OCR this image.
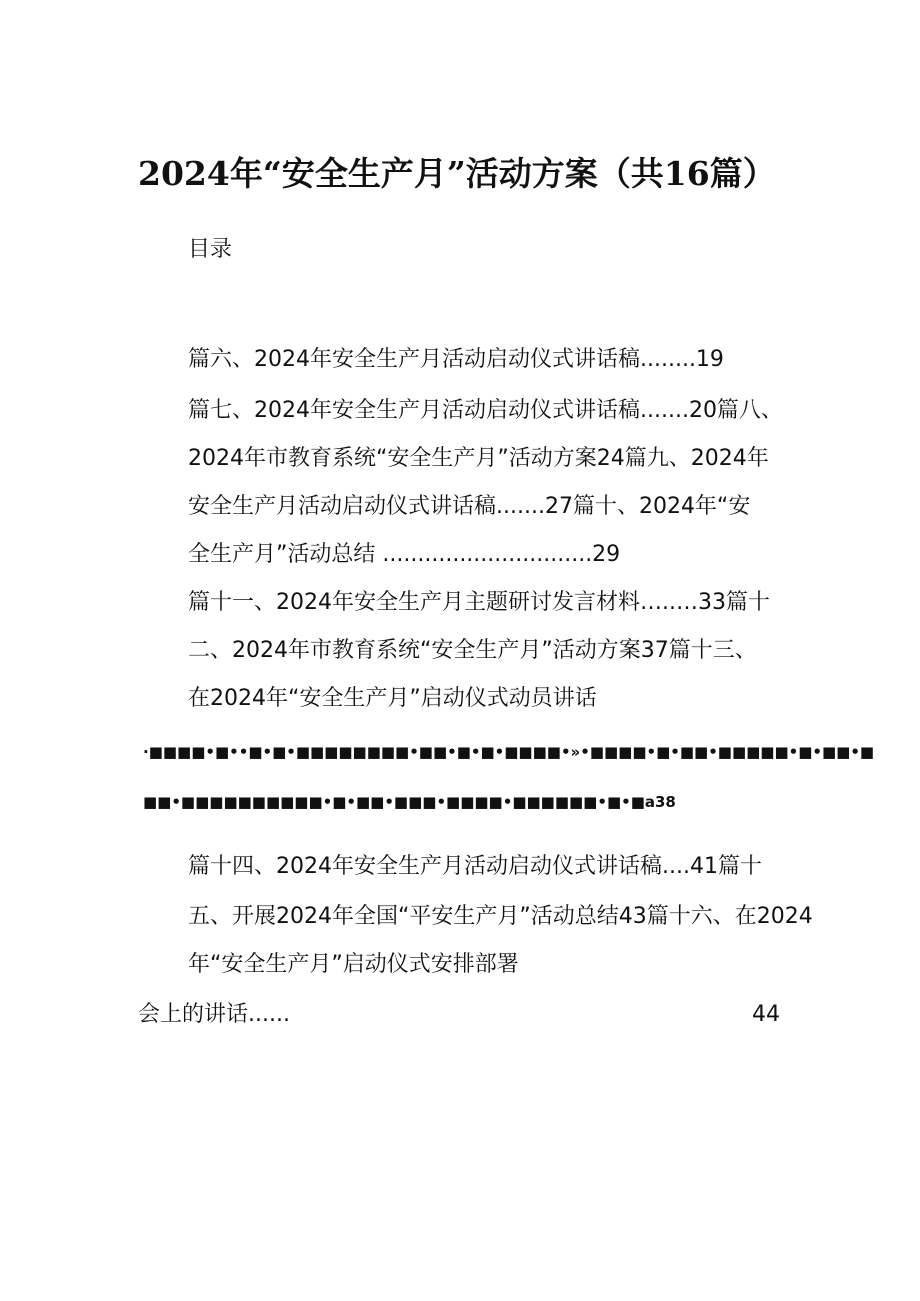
2024年“安全生产月”活动方案（共16篇）
目录
篇六、2024年安全生产月活动启动仪式讲话稿........19
篇七、2024年安全生产月活动启动仪式讲话稿.......20篇八、
2024年市教育系统“安全生产月”活动方案24篇九、2024年
安全生产月活动启动仪式讲话稿.......27篇十、2024年“安
全生产月”活动总结 ..............................29
篇十一、2024年安全生产月主题研讨发言材料…..…33篇十
二、2024年市教育系统“安全生产月”活动方案37篇十三、
在2024年“安全生产月”启动仪式动员讲话
·■■■■•■••■•■•■■■■■■■■•■■•■•■•■■■■•»•■■■■•■•■■•■■■■■•■•■■•■
■■•■■■■■■■■■■•■•■■•■■■•■■■■•■■■■■■•■•■a38
篇十四、2024年安全生产月活动启动仪式讲话稿....41篇十
五、开展2024年全国“平安生产月”活动总结43篇十六、在2024
年“安全生产月”启动仪式安排部署
会上的讲话......	44
